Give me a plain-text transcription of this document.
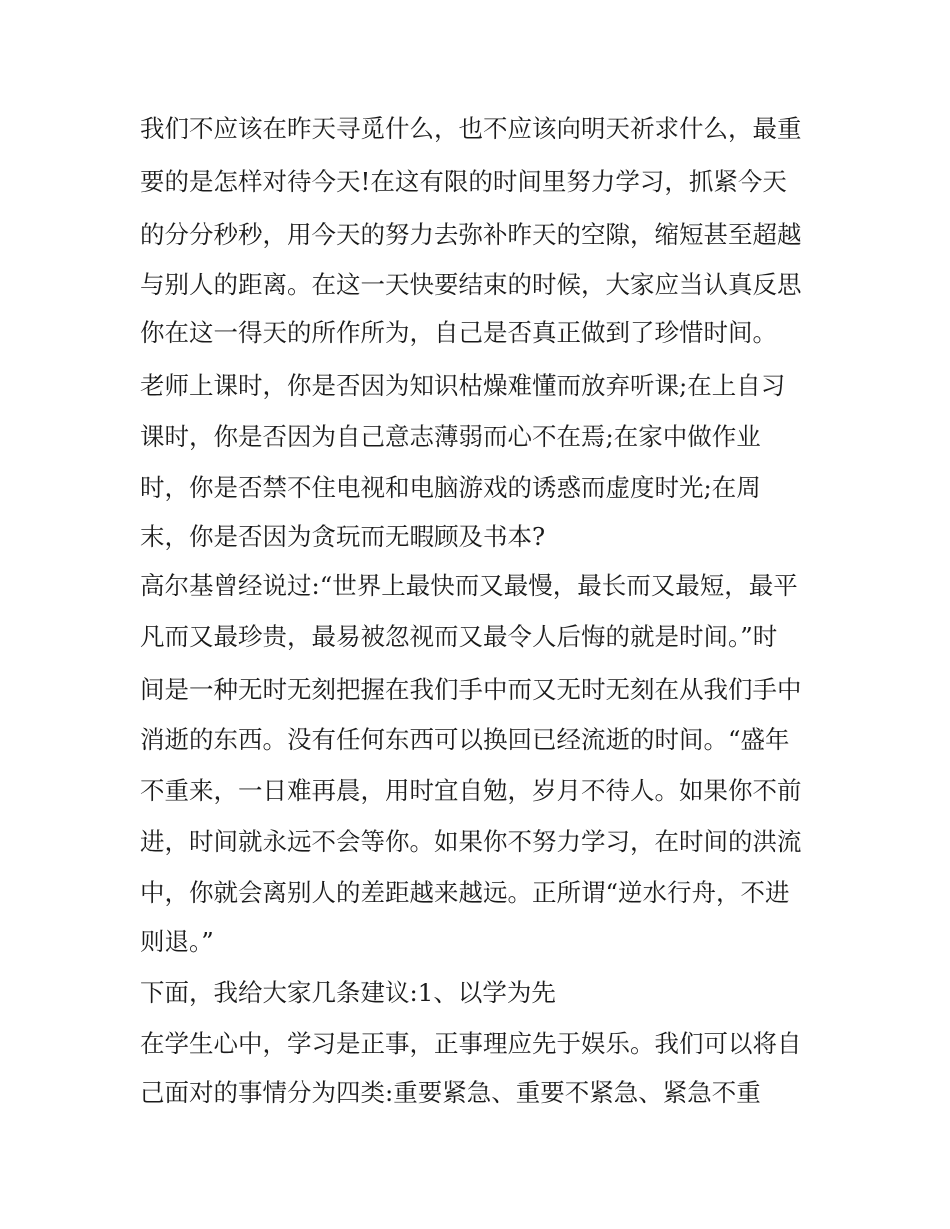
我们不应该在昨天寻觅什么，也不应该向明天祈求什么，最重

要的是怎样对待今天!在这有限的时间里努力学习，抓紧今天

的分分秒秒，用今天的努力去弥补昨天的空隙，缩短甚至超越

与别人的距离。在这一天快要结束的时候，大家应当认真反思

你在这一得天的所作所为，自己是否真正做到了珍惜时间。

老师上课时，你是否因为知识枯燥难懂而放弃听课;在上自习

课时，你是否因为自己意志薄弱而心不在焉;在家中做作业

时，你是否禁不住电视和电脑游戏的诱惑而虚度时光;在周

末，你是否因为贪玩而无暇顾及书本?

高尔基曾经说过:“世界上最快而又最慢，最长而又最短，最平

凡而又最珍贵，最易被忽视而又最令人后悔的就是时间。”时

间是一种无时无刻把握在我们手中而又无时无刻在从我们手中

消逝的东西。没有任何东西可以换回已经流逝的时间。“盛年

不重来，一日难再晨，用时宜自勉，岁月不待人。如果你不前

进，时间就永远不会等你。如果你不努力学习，在时间的洪流

中，你就会离别人的差距越来越远。正所谓“逆水行舟，不进

则退。”

下面，我给大家几条建议:1、以学为先

在学生心中，学习是正事，正事理应先于娱乐。我们可以将自

己面对的事情分为四类:重要紧急、重要不紧急、紧急不重
